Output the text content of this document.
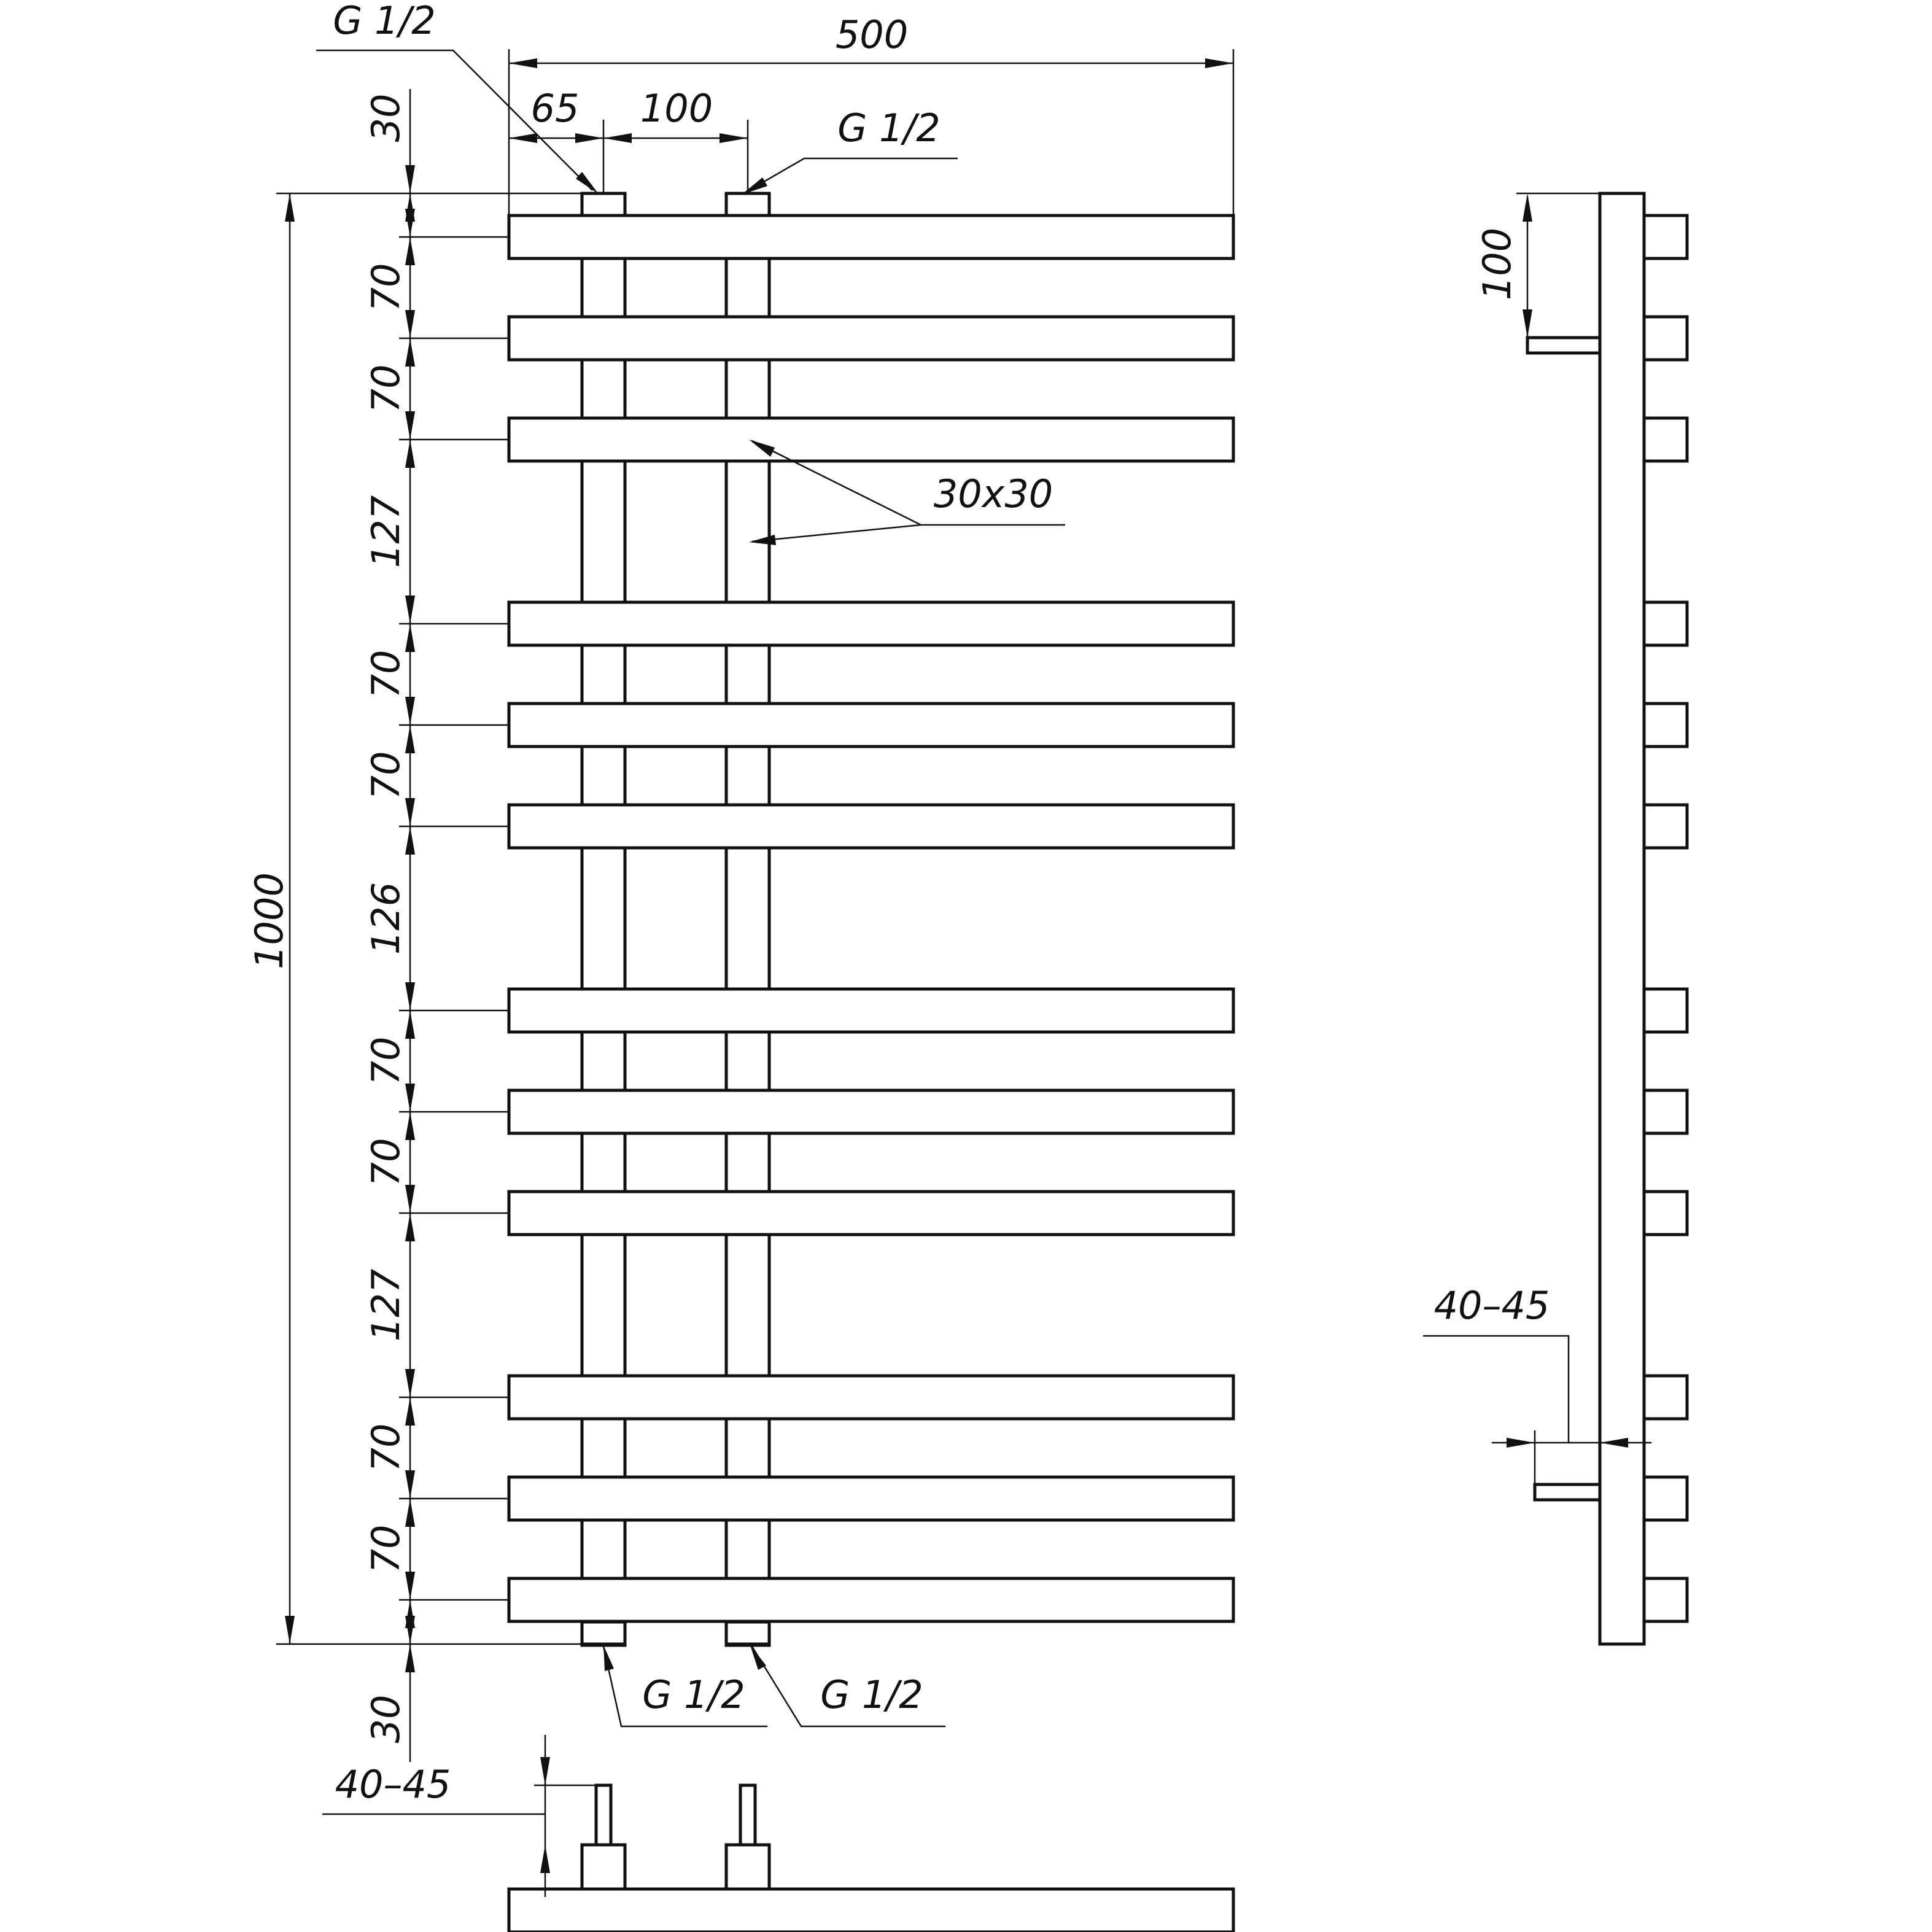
500
65 100
1000
30
70
70
127
70
70
126
70
70
127
70
70
30
G 1/2
G 1/2
30x30
G 1/2 G 1/2
100
40–45
40–45
